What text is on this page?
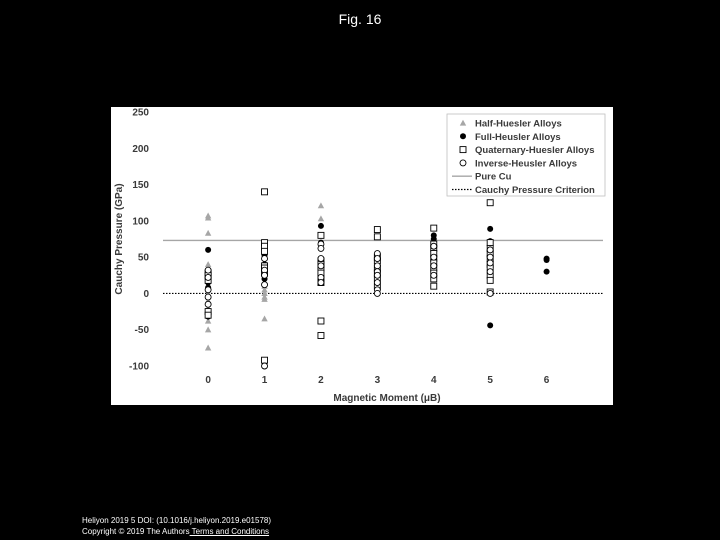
Fig. 16
250
200
150
100
50
0
-50
-100
0	1	2	3	4	5	6
Cauchy Pressure (GPa)
Magnetic Moment (μB)
Half-Huesler Alloys
Full-Heusler Alloys
Quaternary-Huesler Alloys
Inverse-Heusler Alloys
Pure Cu
Cauchy Pressure Criterion
Heliyon 2019 5 DOI: (10.1016/j.heliyon.2019.e01578)
Copyright © 2019 The Authors Terms and Conditions
